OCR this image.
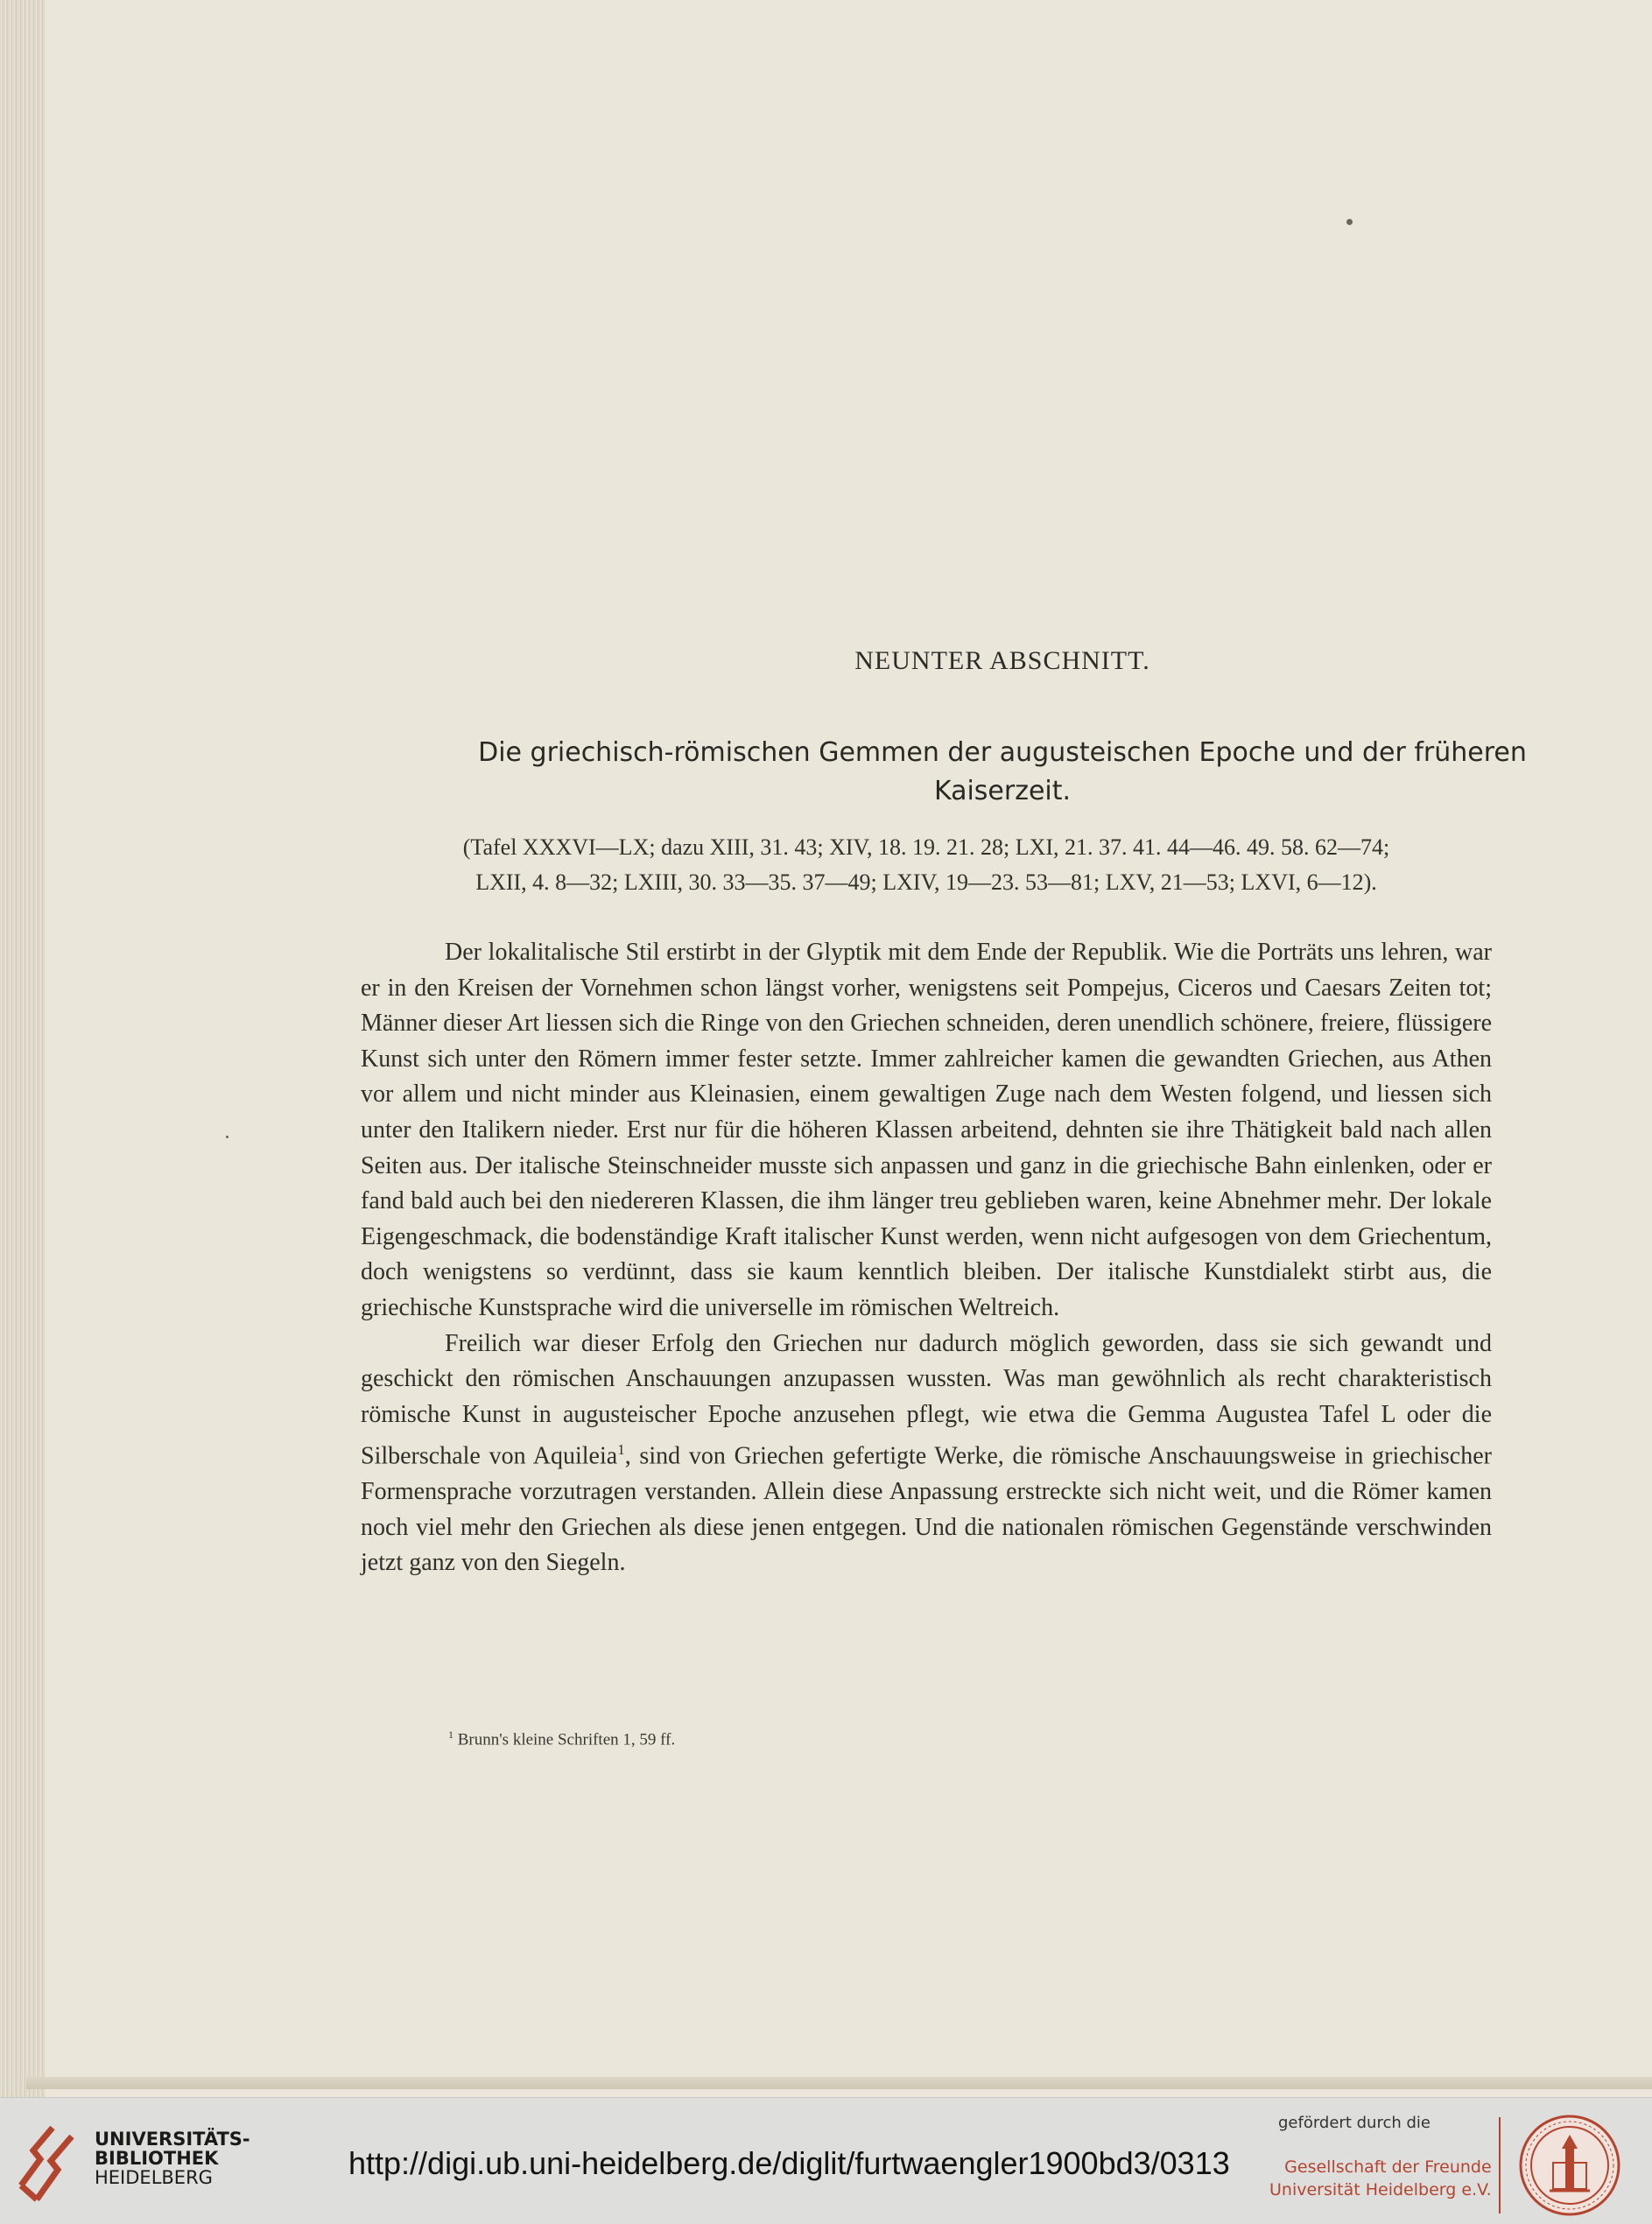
NEUNTER ABSCHNITT.
Die griechisch-römischen Gemmen der augusteischen Epoche und der früheren
Kaiserzeit.
(Tafel XXXVI—LX; dazu XIII, 31. 43; XIV, 18. 19. 21. 28; LXI, 21. 37. 41. 44—46. 49. 58. 62—74;
LXII, 4. 8—32; LXIII, 30. 33—35. 37—49; LXIV, 19—23. 53—81; LXV, 21—53; LXVI, 6—12).

Der lokalitalische Stil erstirbt in der Glyptik mit dem Ende der Republik. Wie die Porträts uns lehren, war er in den Kreisen der Vornehmen schon längst vorher, wenigstens seit Pompejus, Ciceros und Caesars Zeiten tot; Männer dieser Art liessen sich die Ringe von den Griechen schneiden, deren unendlich schönere, freiere, flüssigere Kunst sich unter den Römern immer fester setzte. Immer zahlreicher kamen die gewandten Griechen, aus Athen vor allem und nicht minder aus Kleinasien, einem gewaltigen Zuge nach dem Westen folgend, und liessen sich unter den Italikern nieder. Erst nur für die höheren Klassen arbeitend, dehnten sie ihre Thätigkeit bald nach allen Seiten aus. Der italische Steinschneider musste sich anpassen und ganz in die griechische Bahn einlenken, oder er fand bald auch bei den niedereren Klassen, die ihm länger treu geblieben waren, keine Abnehmer mehr. Der lokale Eigengeschmack, die bodenständige Kraft italischer Kunst werden, wenn nicht aufgesogen von dem Griechentum, doch wenigstens so verdünnt, dass sie kaum kenntlich bleiben. Der italische Kunstdialekt stirbt aus, die griechische Kunstsprache wird die universelle im römischen Weltreich.

Freilich war dieser Erfolg den Griechen nur dadurch möglich geworden, dass sie sich gewandt und geschickt den römischen Anschauungen anzupassen wussten. Was man gewöhnlich als recht charakteristisch römische Kunst in augusteischer Epoche anzusehen pflegt, wie etwa die Gemma Augustea Tafel L oder die Silberschale von Aquileia$^1$, sind von Griechen gefertigte Werke, die römische Anschauungsweise in griechischer Formensprache vorzutragen verstanden. Allein diese Anpassung erstreckte sich nicht weit, und die Römer kamen noch viel mehr den Griechen als diese jenen entgegen. Und die nationalen römischen Gegenstände verschwinden jetzt ganz von den Siegeln.

$^1$ Brunn's kleine Schriften 1, 59 ff.
UNIVERSITÄTS-
BIBLIOTHEK
HEIDELBERG	http://digi.ub.uni-heidelberg.de/diglit/furtwaengler1900bd3/0313
gefördert durch die
Gesellschaft der Freunde
Universität Heidelberg e.V.
